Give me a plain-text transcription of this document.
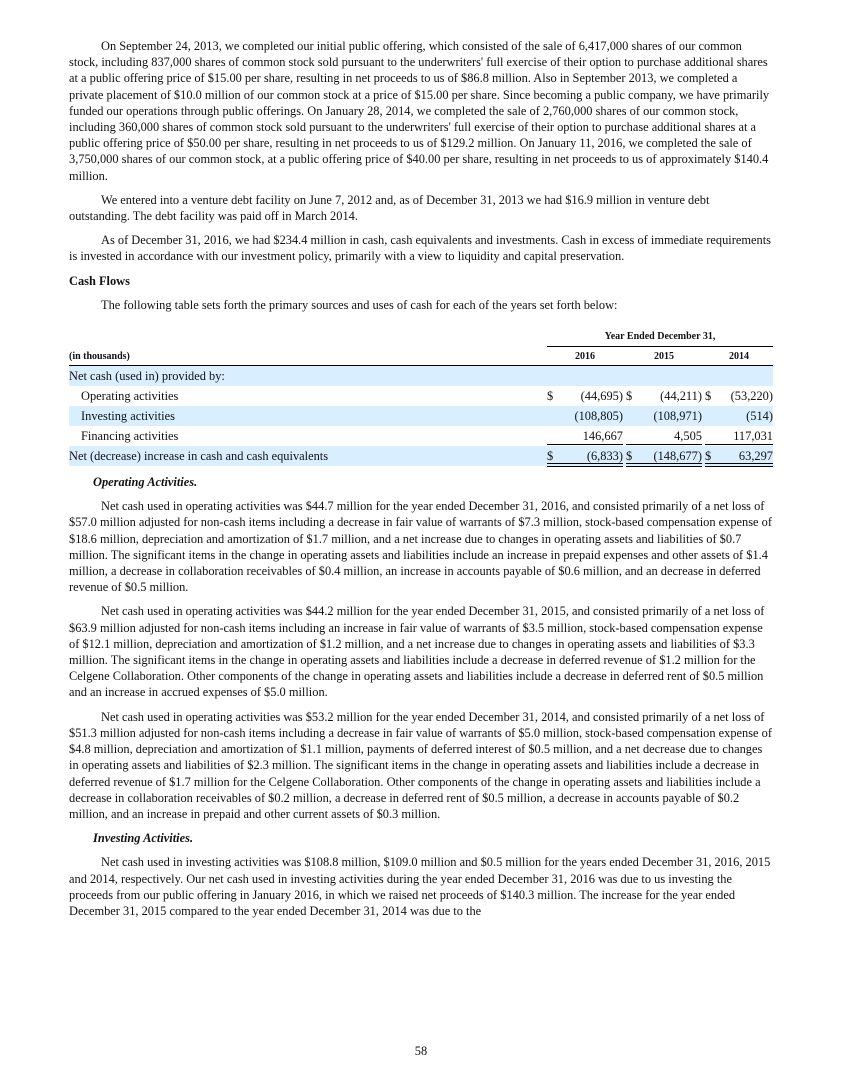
On September 24, 2013, we completed our initial public offering, which consisted of the sale of 6,417,000 shares of our common stock, including 837,000 shares of common stock sold pursuant to the underwriters' full exercise of their option to purchase additional shares at a public offering price of $15.00 per share, resulting in net proceeds to us of $86.8 million. Also in September 2013, we completed a private placement of $10.0 million of our common stock at a price of $15.00 per share. Since becoming a public company, we have primarily funded our operations through public offerings. On January 28, 2014, we completed the sale of 2,760,000 shares of our common stock, including 360,000 shares of common stock sold pursuant to the underwriters' full exercise of their option to purchase additional shares at a public offering price of $50.00 per share, resulting in net proceeds to us of $129.2 million. On January 11, 2016, we completed the sale of 3,750,000 shares of our common stock, at a public offering price of $40.00 per share, resulting in net proceeds to us of approximately $140.4 million.

We entered into a venture debt facility on June 7, 2012 and, as of December 31, 2013 we had $16.9 million in venture debt outstanding. The debt facility was paid off in March 2014.

As of December 31, 2016, we had $234.4 million in cash, cash equivalents and investments. Cash in excess of immediate requirements is invested in accordance with our investment policy, primarily with a view to liquidity and capital preservation.

Cash Flows

The following table sets forth the primary sources and uses of cash for each of the years set forth below:

Year Ended December 31,
(in thousands)	2016	2015	2014
Net cash (used in) provided by:
Operating activities	$ (44,695) $ (44,211) $ (53,220)
Investing activities	(108,805) (108,971)	(514)
Financing activities	146,667	4,505	117,031
Net (decrease) increase in cash and cash equivalents	$	(6,833) $ (148,677) $ 63,297
Operating Activities.

Net cash used in operating activities was $44.7 million for the year ended December 31, 2016, and consisted primarily of a net loss of $57.0 million adjusted for non-cash items including a decrease in fair value of warrants of $7.3 million, stock-based compensation expense of $18.6 million, depreciation and amortization of $1.7 million, and a net increase due to changes in operating assets and liabilities of $0.7 million. The significant items in the change in operating assets and liabilities include an increase in prepaid expenses and other assets of $1.4 million, a decrease in collaboration receivables of $0.4 million, an increase in accounts payable of $0.6 million, and an decrease in deferred revenue of $0.5 million.

Net cash used in operating activities was $44.2 million for the year ended December 31, 2015, and consisted primarily of a net loss of $63.9 million adjusted for non-cash items including an increase in fair value of warrants of $3.5 million, stock-based compensation expense of $12.1 million, depreciation and amortization of $1.2 million, and a net increase due to changes in operating assets and liabilities of $3.3 million. The significant items in the change in operating assets and liabilities include a decrease in deferred revenue of $1.2 million for the Celgene Collaboration. Other components of the change in operating assets and liabilities include a decrease in deferred rent of $0.5 million and an increase in accrued expenses of $5.0 million.

Net cash used in operating activities was $53.2 million for the year ended December 31, 2014, and consisted primarily of a net loss of $51.3 million adjusted for non-cash items including a decrease in fair value of warrants of $5.0 million, stock-based compensation expense of $4.8 million, depreciation and amortization of $1.1 million, payments of deferred interest of $0.5 million, and a net decrease due to changes in operating assets and liabilities of $2.3 million. The significant items in the change in operating assets and liabilities include a decrease in deferred revenue of $1.7 million for the Celgene Collaboration. Other components of the change in operating assets and liabilities include a decrease in collaboration receivables of $0.2 million, a decrease in deferred rent of $0.5 million, a decrease in accounts payable of $0.2 million, and an increase in prepaid and other current assets of $0.3 million.

Investing Activities.

Net cash used in investing activities was $108.8 million, $109.0 million and $0.5 million for the years ended December 31, 2016, 2015 and 2014, respectively. Our net cash used in investing activities during the year ended December 31, 2016 was due to us investing the proceeds from our public offering in January 2016, in which we raised net proceeds of $140.3 million. The increase for the year ended December 31, 2015 compared to the year ended December 31, 2014 was due to the

58
